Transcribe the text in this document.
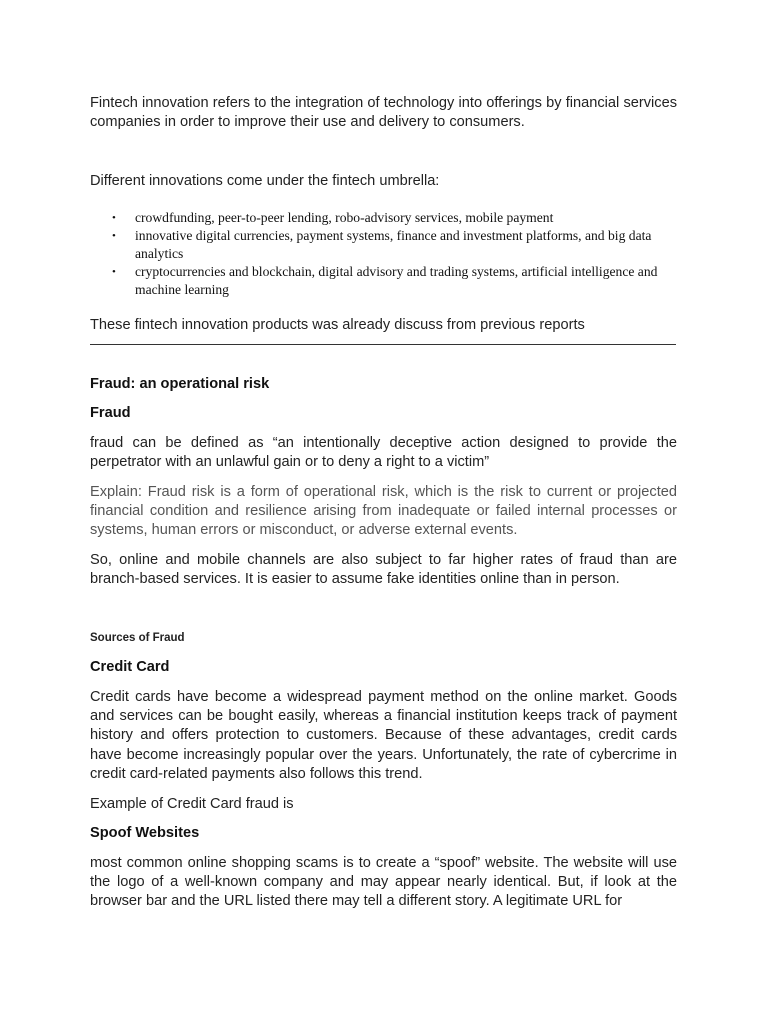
Fintech innovation refers to the integration of technology into offerings by financial services companies in order to improve their use and delivery to consumers.

Different innovations come under the fintech umbrella:

• crowdfunding, peer-to-peer lending, robo-advisory services, mobile payment
• innovative digital currencies, payment systems, finance and investment platforms, and big data analytics
• cryptocurrencies and blockchain, digital advisory and trading systems, artificial intelligence and machine learning

These fintech innovation products was already discuss from previous reports

Fraud: an operational risk
Fraud

fraud can be defined as “an intentionally deceptive action designed to provide the perpetrator with an unlawful gain or to deny a right to a victim”

Explain: Fraud risk is a form of operational risk, which is the risk to current or projected financial condition and resilience arising from inadequate or failed internal processes or systems, human errors or misconduct, or adverse external events.

So, online and mobile channels are also subject to far higher rates of fraud than are branch-based services. It is easier to assume fake identities online than in person.

Sources of Fraud
Credit Card

Credit cards have become a widespread payment method on the online market. Goods and services can be bought easily, whereas a financial institution keeps track of payment history and offers protection to customers. Because of these advantages, credit cards have become increasingly popular over the years. Unfortunately, the rate of cybercrime in credit card-related payments also follows this trend.

Example of Credit Card fraud is

Spoof Websites

most common online shopping scams is to create a “spoof” website. The website will use the logo of a well-known company and may appear nearly identical. But, if look at the browser bar and the URL listed there may tell a different story. A legitimate URL for
